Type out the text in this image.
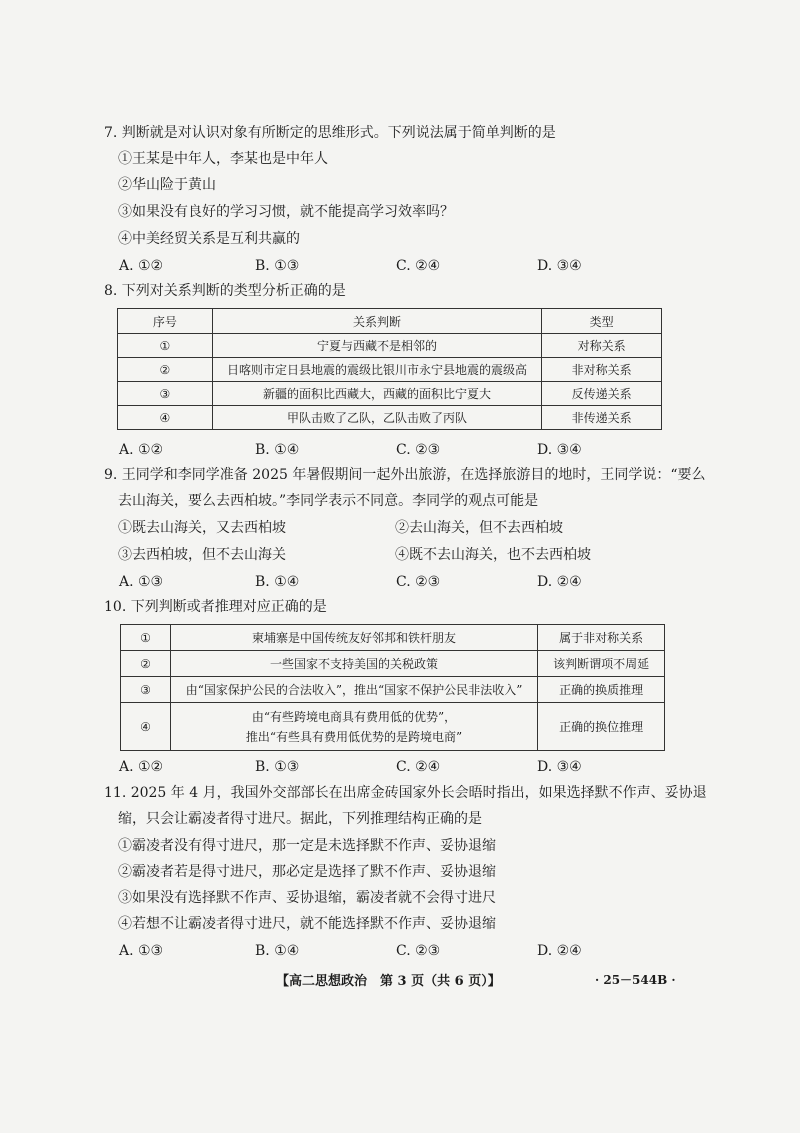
7. 判断就是对认识对象有所断定的思维形式。下列说法属于简单判断的是
①王某是中年人，李某也是中年人
②华山险于黄山
③如果没有良好的学习习惯，就不能提高学习效率吗？
④中美经贸关系是互利共赢的
A. ①②	B. ①③	C. ②④	D. ③④
8. 下列对关系判断的类型分析正确的是
序号	关系判断	类型
①	宁夏与西藏不是相邻的	对称关系
②	日喀则市定日县地震的震级比银川市永宁县地震的震级高	非对称关系
③	新疆的面积比西藏大，西藏的面积比宁夏大	反传递关系
④	甲队击败了乙队，乙队击败了丙队	非传递关系
A. ①②	B. ①④	C. ②③	D. ③④
9. 王同学和李同学准备 2025 年暑假期间一起外出旅游，在选择旅游目的地时，王同学说：“要么
去山海关，要么去西柏坡。”李同学表示不同意。李同学的观点可能是
①既去山海关，又去西柏坡	②去山海关，但不去西柏坡
③去西柏坡，但不去山海关	④既不去山海关，也不去西柏坡
A. ①③	B. ①④	C. ②③	D. ②④
10. 下列判断或者推理对应正确的是
①	柬埔寨是中国传统友好邻邦和铁杆朋友	属于非对称关系
②	一些国家不支持美国的关税政策	该判断谓项不周延
③	由“国家保护公民的合法收入”，推出“国家不保护公民非法收入”	正确的换质推理
④	由“有些跨境电商具有费用低的优势”，
推出“有些具有费用低优势的是跨境电商”	正确的换位推理
A. ①②	B. ①③	C. ②④	D. ③④
11. 2025 年 4 月，我国外交部部长在出席金砖国家外长会晤时指出，如果选择默不作声、妥协退
缩，只会让霸凌者得寸进尺。据此，下列推理结构正确的是
①霸凌者没有得寸进尺，那一定是未选择默不作声、妥协退缩
②霸凌者若是得寸进尺，那必定是选择了默不作声、妥协退缩
③如果没有选择默不作声、妥协退缩，霸凌者就不会得寸进尺
④若想不让霸凌者得寸进尺，就不能选择默不作声、妥协退缩
A. ①③	B. ①④	C. ②③	D. ②④
【高二思想政治　第 3 页（共 6 页）】	· 25－544B ·
